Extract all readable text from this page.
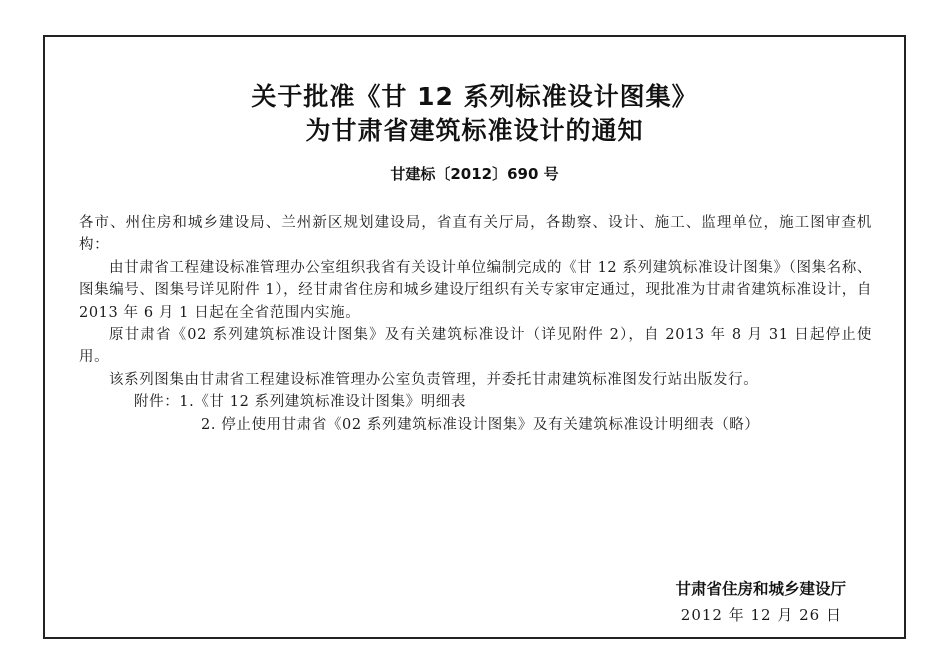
关于批准《甘 12 系列标准设计图集》
为甘肃省建筑标准设计的通知
甘建标〔2012〕690 号

各市、州住房和城乡建设局、兰州新区规划建设局，省直有关厅局，各勘察、设计、施工、监理单位，施工图审查机构：

由甘肃省工程建设标准管理办公室组织我省有关设计单位编制完成的《甘 12 系列建筑标准设计图集》（图集名称、图集编号、图集号详见附件 1），经甘肃省住房和城乡建设厅组织有关专家审定通过，现批准为甘肃省建筑标准设计，自 2013 年 6 月 1 日起在全省范围内实施。

原甘肃省《02 系列建筑标准设计图集》及有关建筑标准设计（详见附件 2），自 2013 年 8 月 31 日起停止使用。

该系列图集由甘肃省工程建设标准管理办公室负责管理，并委托甘肃建筑标准图发行站出版发行。

附件：1.《甘 12 系列建筑标准设计图集》明细表

2. 停止使用甘肃省《02 系列建筑标准设计图集》及有关建筑标准设计明细表（略）

甘肃省住房和城乡建设厅
2012 年 12 月 26 日
